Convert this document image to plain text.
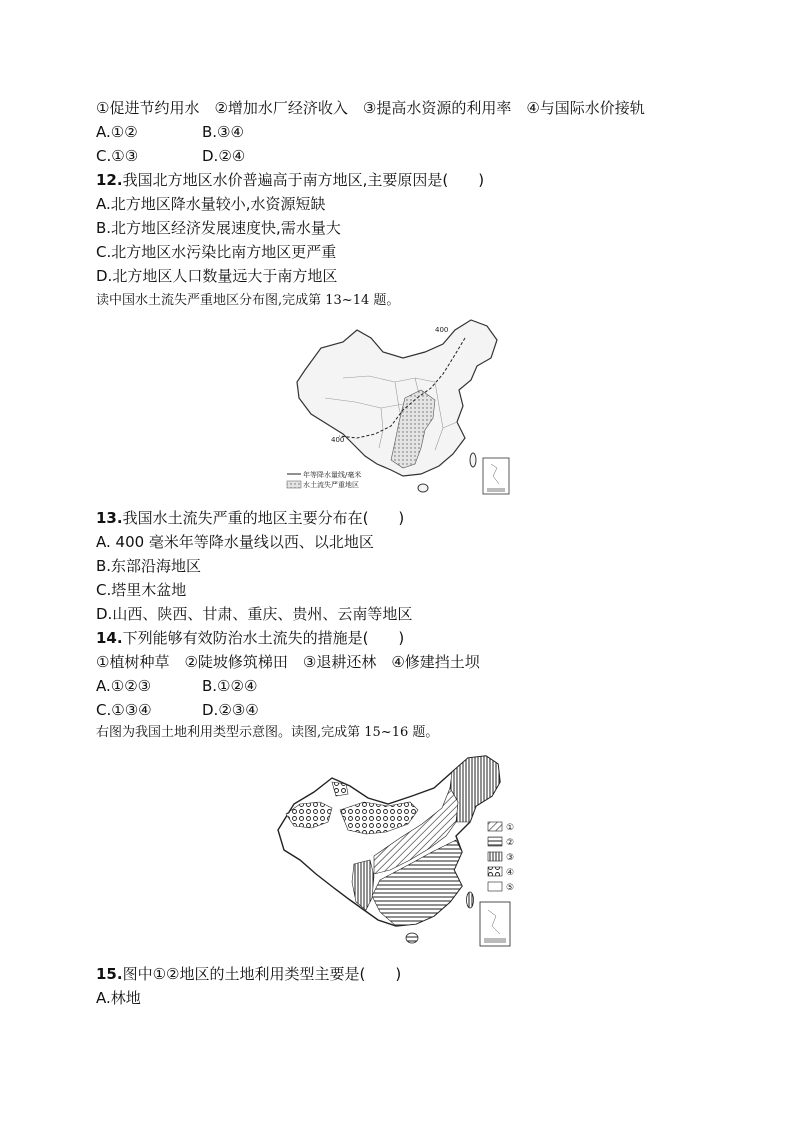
①促进节约用水　②增加水厂经济收入　③提高水资源的利用率　④与国际水价接轨
A.①②	B.③④
C.①③	D.②④
12.我国北方地区水价普遍高于南方地区,主要原因是(　　)
A.北方地区降水量较小,水资源短缺
B.北方地区经济发展速度快,需水量大
C.北方地区水污染比南方地区更严重
D.北方地区人口数量远大于南方地区
读中国水土流失严重地区分布图,完成第 13~14 题。
400
400
年等降水量线/毫米
水土流失严重地区
13.我国水土流失严重的地区主要分布在(　　)
A. 400 毫米年等降水量线以西、以北地区
B.东部沿海地区
C.塔里木盆地
D.山西、陕西、甘肃、重庆、贵州、云南等地区
14.下列能够有效防治水土流失的措施是(　　)
①植树种草　②陡坡修筑梯田　③退耕还林　④修建挡土坝
A.①②③	B.①②④
C.①③④	D.②③④
右图为我国土地利用类型示意图。读图,完成第 15~16 题。
①
②
③
④
⑤
15.图中①②地区的土地利用类型主要是(　　)
A.林地
